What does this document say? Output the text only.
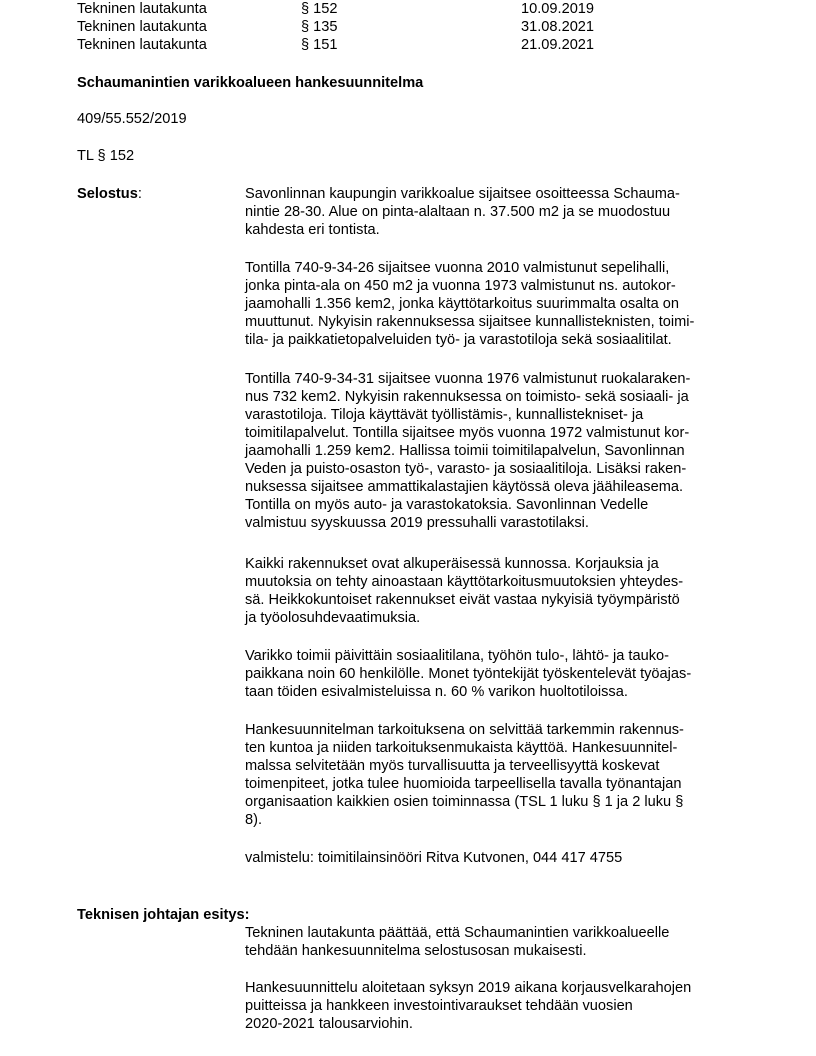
Tekninen lautakunta	§ 152	10.09.2019
Tekninen lautakunta	§ 135	31.08.2021
Tekninen lautakunta	§ 151	21.09.2021
Schaumanintien varikkoalueen hankesuunnitelma
409/55.552/2019
TL § 152
Selostus:	Savonlinnan kaupungin varikkoalue sijaitsee osoitteessa Schauma-

nintie 28-30. Alue on pinta-alaltaan n. 37.500 m2 ja se muodostuu

kahdesta eri tontista.

Tontilla 740-9-34-26 sijaitsee vuonna 2010 valmistunut sepelihalli,

jonka pinta-ala on 450 m2 ja vuonna 1973 valmistunut ns. autokor-

jaamohalli 1.356 kem2, jonka käyttötarkoitus suurimmalta osalta on

muuttunut. Nykyisin rakennuksessa sijaitsee kunnallisteknisten, toimi-

tila- ja paikkatietopalveluiden työ- ja varastotiloja sekä sosiaalitilat.

Tontilla 740-9-34-31 sijaitsee vuonna 1976 valmistunut ruokalaraken-

nus 732 kem2. Nykyisin rakennuksessa on toimisto- sekä sosiaali- ja

varastotiloja. Tiloja käyttävät työllistämis-, kunnallistekniset- ja

toimitilapalvelut. Tontilla sijaitsee myös vuonna 1972 valmistunut kor-

jaamohalli 1.259 kem2. Hallissa toimii toimitilapalvelun, Savonlinnan

Veden ja puisto-osaston työ-, varasto- ja sosiaalitiloja. Lisäksi raken-

nuksessa sijaitsee ammattikalastajien käytössä oleva jäähileasema.

Tontilla on myös auto- ja varastokatoksia. Savonlinnan Vedelle

valmistuu syyskuussa 2019 pressuhalli varastotilaksi.

Kaikki rakennukset ovat alkuperäisessä kunnossa. Korjauksia ja

muutoksia on tehty ainoastaan käyttötarkoitusmuutoksien yhteydes-

sä. Heikkokuntoiset rakennukset eivät vastaa nykyisiä työympäristö

ja työolosuhdevaatimuksia.

Varikko toimii päivittäin sosiaalitilana, työhön tulo-, lähtö- ja tauko-

paikkana noin 60 henkilölle. Monet työntekijät työskentelevät työajas-

taan töiden esivalmisteluissa n. 60 % varikon huoltotiloissa.

Hankesuunnitelman tarkoituksena on selvittää tarkemmin rakennus-

ten kuntoa ja niiden tarkoituksenmukaista käyttöä. Hankesuunnitel-

malssa selvitetään myös turvallisuutta ja terveellisyyttä koskevat

toimenpiteet, jotka tulee huomioida tarpeellisella tavalla työnantajan

organisaation kaikkien osien toiminnassa (TSL 1 luku § 1 ja 2 luku §

8).

valmistelu: toimitilainsinööri Ritva Kutvonen, 044 417 4755

Teknisen johtajan esitys:

Tekninen lautakunta päättää, että Schaumanintien varikkoalueelle

tehdään hankesuunnitelma selostusosan mukaisesti.

Hankesuunnittelu aloitetaan syksyn 2019 aikana korjausvelkarahojen

puitteissa ja hankkeen investointivaraukset tehdään vuosien

2020-2021 talousarviohin.
